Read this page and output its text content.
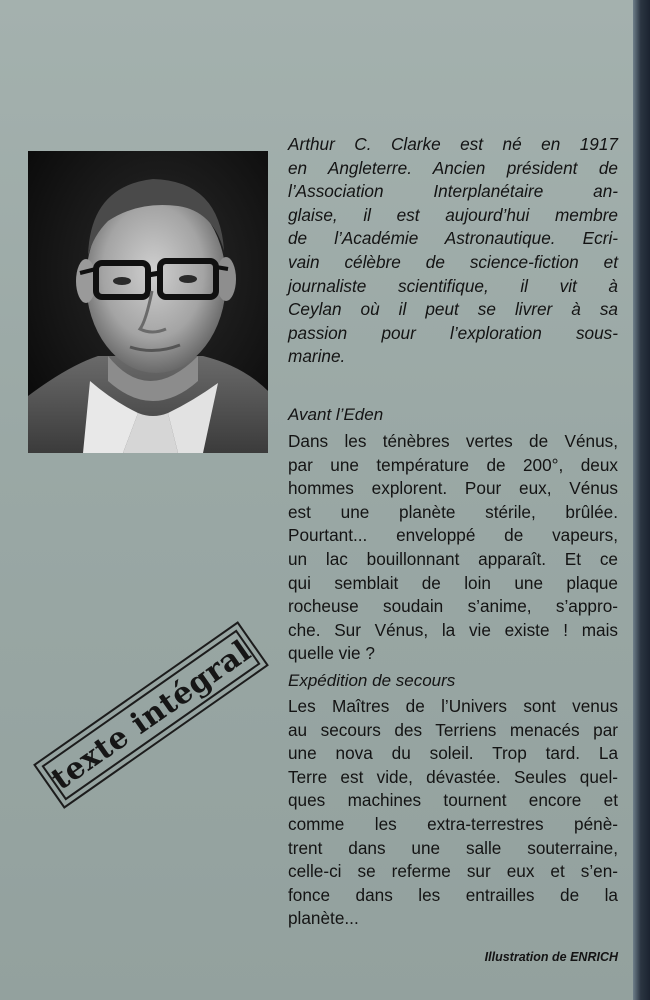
Arthur C. Clarke est né en 1917
en Angleterre. Ancien président de
l’Association Interplanétaire an-
glaise, il est aujourd’hui membre
de l’Académie Astronautique. Ecri-
vain célèbre de science-fiction et
journaliste scientifique, il vit à
Ceylan où il peut se livrer à sa
passion pour l’exploration sous-
marine.

Avant l’Eden

Dans les ténèbres vertes de Vénus,
par une température de 200°, deux
hommes explorent. Pour eux, Vénus
est une planète stérile, brûlée.
Pourtant... enveloppé de vapeurs,
un lac bouillonnant apparaît. Et ce
qui semblait de loin une plaque
rocheuse soudain s’anime, s’appro-
che. Sur Vénus, la vie existe ! mais
quelle vie ?

Expédition de secours

Les Maîtres de l’Univers sont venus
au secours des Terriens menacés par
une nova du soleil. Trop tard. La
Terre est vide, dévastée. Seules quel-
ques machines tournent encore et
comme les extra-terrestres pénè-
trent dans une salle souterraine,
celle-ci se referme sur eux et s’en-
fonce dans les entrailles de la
planète...

texte intégral
Illustration de ENRICH
